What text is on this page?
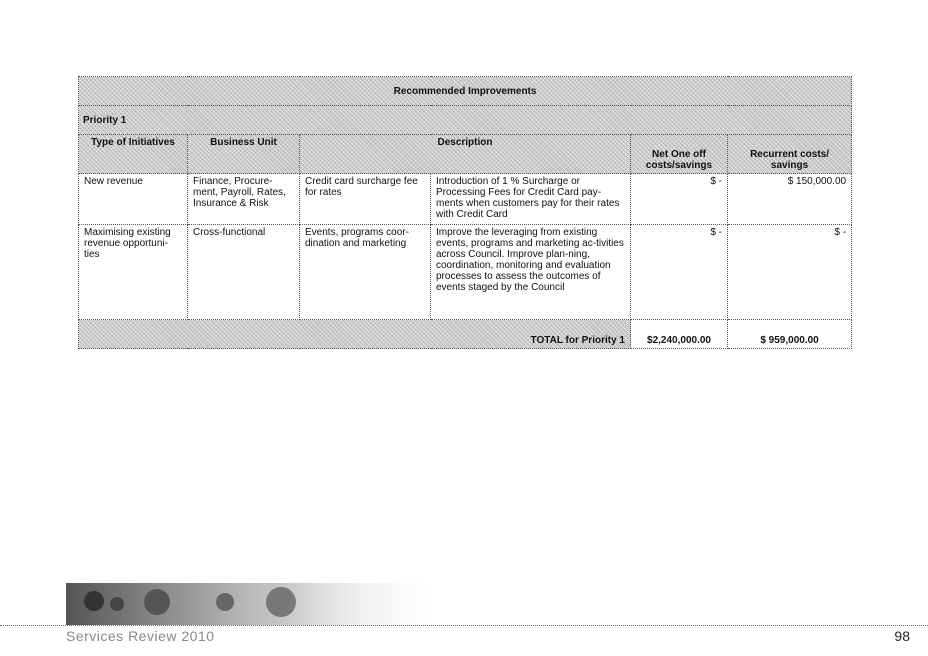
Recommended Improvements					
Priority 1					
Type of Initiatives	Business Unit	Description		Net One off costs/savings	Recurrent costs/ savings
New revenue	Finance, Procure-ment, Payroll, Rates, Insurance & Risk	Credit card surcharge fee for rates	Introduction of 1 % Surcharge or Processing Fees for Credit Card pay-ments when customers pay for their rates with Credit Card	$ -	$ 150,000.00
Maximising existing revenue opportuni-ties	Cross-functional	Events, programs coor-dination and marketing	Improve the leveraging from existing events, programs and marketing ac-tivities across Council. Improve plan-ning, coordination, monitoring and evaluation processes to assess the outcomes of events staged by the Council	$ -	$ -
TOTAL for Priority 1				$2,240,000.00	$ 959,000.00
Services Review 2010	98
